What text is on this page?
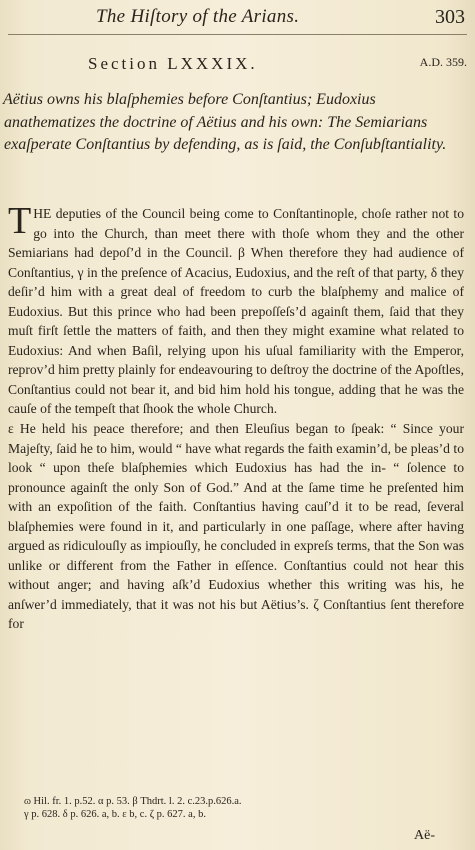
The Hiſtory of the Arians.	303
Section LXXXIX.	A.D. 359.

Aëtius owns his blaſphemies before Conſtantius; Eudoxius anathematizes the doctrine of Aëtius and his own: The Semiarians exaſperate Conſtantius by defending, as is ſaid, the Conſubſtantiality.

THE deputies of the Council being come to Conſtantinople, choſe rather not to go into the Church, than meet there with thoſe whom they and the other Semiarians had depoſ’d in the Council. β When therefore they had audience of Conſtantius, γ in the preſence of Acacius, Eudoxius, and the reſt of that party, δ they deſir’d him with a great deal of freedom to curb the blaſphemy and malice of Eudoxius. But this prince who had been prepoſſeſs’d againſt them, ſaid that they muſt firſt ſettle the matters of faith, and then they might examine what related to Eudoxius: And when Baſil, relying upon his uſual familiarity with the Emperor, reprov’d him pretty plainly for endeavouring to deſtroy the doctrine of the Apoſtles, Conſtantius could not bear it, and bid him hold his tongue, adding that he was the cauſe of the tempeſt that ſhook the whole Church.

ε He held his peace therefore; and then Eleuſius began to ſpeak: “ Since your Majeſty, ſaid he to him, would “ have what regards the faith examin’d, be pleas’d to look “ upon theſe blaſphemies which Eudoxius has had the in- “ ſolence to pronounce againſt the only Son of God.” And at the ſame time he preſented him with an expoſition of the faith. Conſtantius having cauſ’d it to be read, ſeveral blaſphemies were found in it, and particularly in one paſſage, where after having argued as ridiculouſly as impiouſly, he concluded in expreſs terms, that the Son was unlike or different from the Father in eſſence. Conſtantius could not hear this without anger; and having aſk’d Eudoxius whether this writing was his, he anſwer’d immediately, that it was not his but Aëtius’s. ζ Conſtantius ſent therefore for

ɷ Hil. fr. 1. p.52. α p. 53. β Thdrt. l. 2. c.23.p.626.a.

γ p. 628. δ p. 626. a, b. ε b, c. ζ p. 627. a, b.

Aë-
